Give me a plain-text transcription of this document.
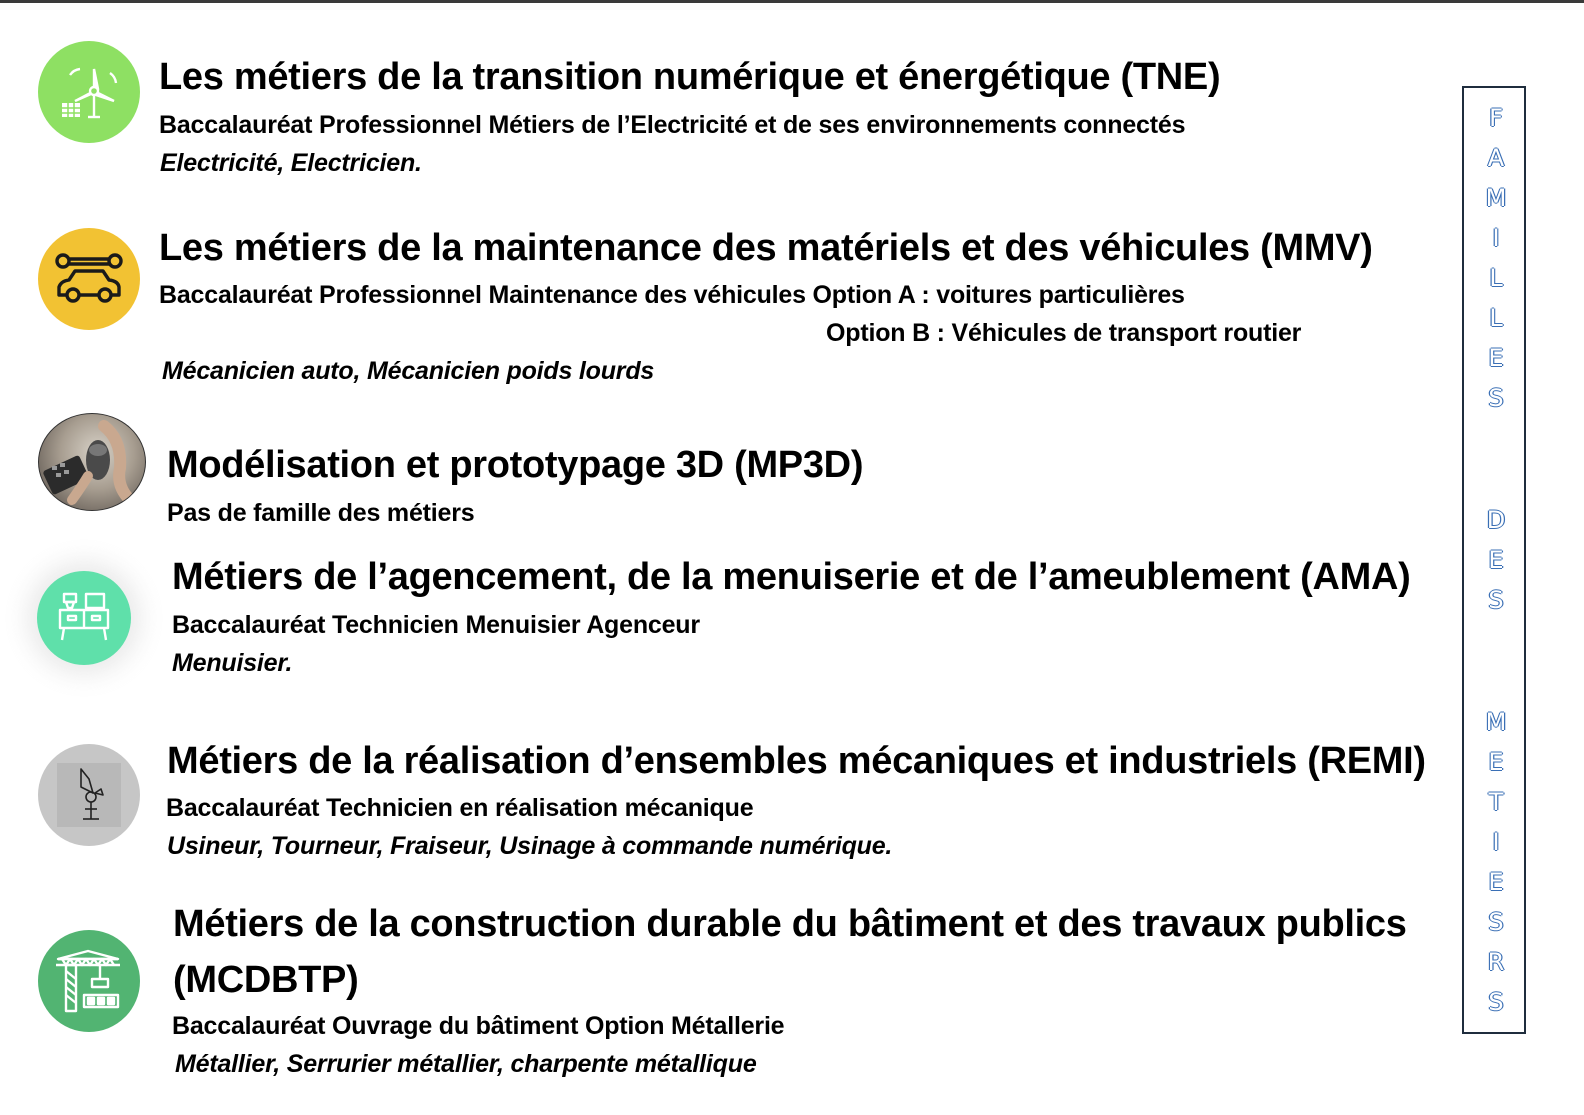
Les métiers de la transition numérique et énergétique (TNE)

Baccalauréat Professionnel Métiers de l’Electricité et de ses environnements connectés

Electricité, Electricien.

Les métiers de la maintenance des matériels et des véhicules (MMV)

Baccalauréat Professionnel Maintenance des véhicules Option A : voitures particulières

Option B : Véhicules de transport routier

Mécanicien auto, Mécanicien poids lourds

Modélisation et prototypage 3D (MP3D)

Pas de famille des métiers

Métiers de l’agencement, de la menuiserie et de l’ameublement (AMA)

Baccalauréat Technicien Menuisier Agenceur

Menuisier.

Métiers de la réalisation d’ensembles mécaniques et industriels (REMI)

Baccalauréat Technicien en réalisation mécanique

Usineur, Tourneur, Fraiseur, Usinage à commande numérique.

Métiers de la construction durable du bâtiment et des travaux publics (MCDBTP)

Baccalauréat Ouvrage du bâtiment Option Métallerie

Métallier, Serrurier métallier, charpente métallique

F
A
M
I
L
L
E
S
D
E
S
M
E
T
I
E
S
R
S
